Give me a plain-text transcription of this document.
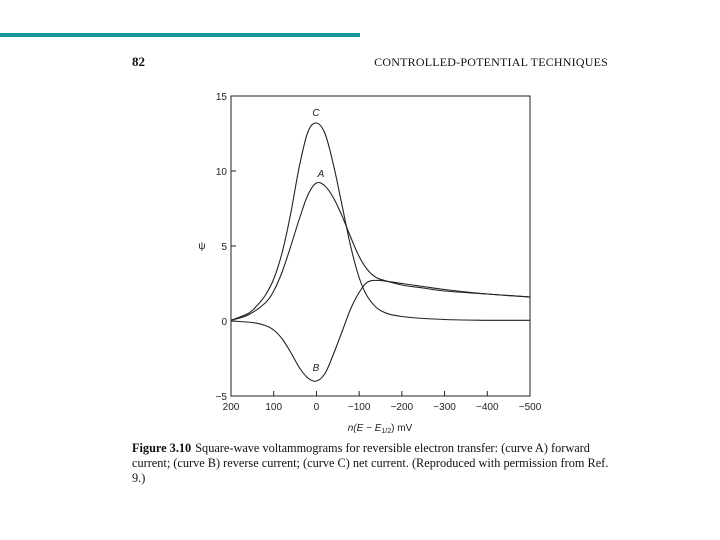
82	CONTROLLED-POTENTIAL TECHNIQUES
200	100	0	−100 −200 −300 −400 −500
−5
0
5
10
15
ψ
$n(E - E_{1/2})$ mV
C
A
B
Figure 3.10 Square-wave voltammograms for reversible electron transfer: (curve A) forward current; (curve B) reverse current; (curve C) net current. (Reproduced with permission from Ref. 9.)
